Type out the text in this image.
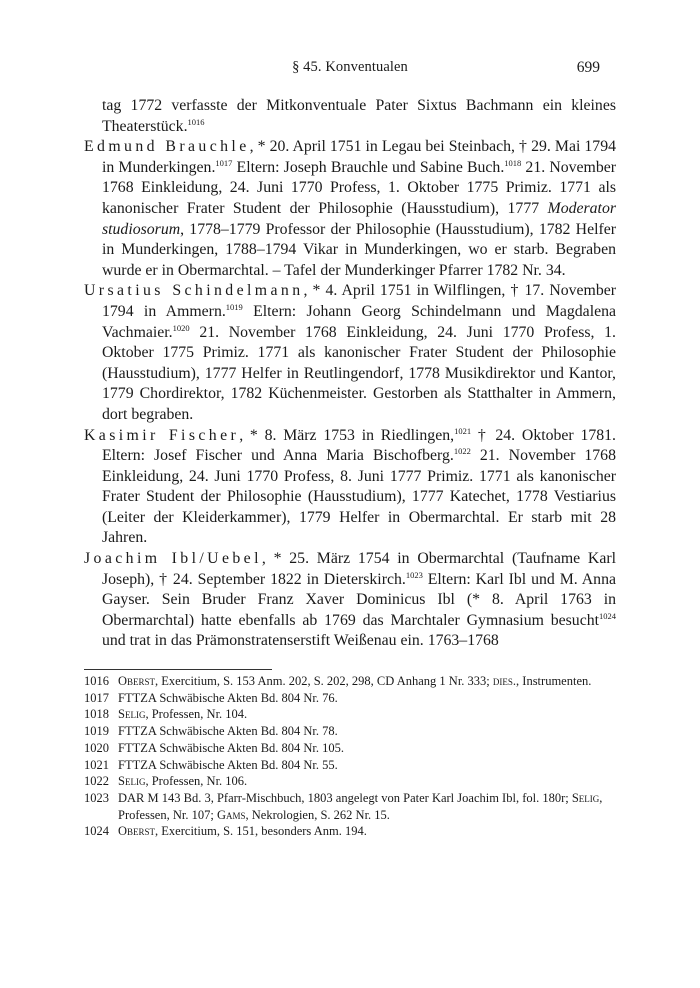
§ 45. Konventualen	699

tag 1772 verfasste der Mitkonventuale Pater Sixtus Bachmann ein kleines Theaterstück.$^{1016}$

Edmund Brauchle, * 20. April 1751 in Legau bei Steinbach, † 29. Mai 1794 in Munderkingen.$^{1017}$ Eltern: Joseph Brauchle und Sabine Buch.$^{1018}$ 21. November 1768 Einkleidung, 24. Juni 1770 Profess, 1. Oktober 1775 Primiz. 1771 als kanonischer Frater Student der Philosophie (Hausstudium), 1777 Moderator studiosorum, 1778–1779 Professor der Philosophie (Hausstudium), 1782 Helfer in Munderkingen, 1788–1794 Vikar in Munderkingen, wo er starb. Begraben wurde er in Obermarchtal. – Tafel der Munderkinger Pfarrer 1782 Nr. 34.

Ursatius Schindelmann, * 4. April 1751 in Wilflingen, † 17. November 1794 in Ammern.$^{1019}$ Eltern: Johann Georg Schindelmann und Magdalena Vachmaier.$^{1020}$ 21. November 1768 Einkleidung, 24. Juni 1770 Profess, 1. Oktober 1775 Primiz. 1771 als kanonischer Frater Student der Philosophie (Hausstudium), 1777 Helfer in Reutlingendorf, 1778 Musikdirektor und Kantor, 1779 Chordirektor, 1782 Küchenmeister. Gestorben als Statthalter in Ammern, dort begraben.

Kasimir Fischer, * 8. März 1753 in Riedlingen,$^{1021}$ † 24. Oktober 1781. Eltern: Josef Fischer und Anna Maria Bischofberg.$^{1022}$ 21. November 1768 Einkleidung, 24. Juni 1770 Profess, 8. Juni 1777 Primiz. 1771 als kanonischer Frater Student der Philosophie (Hausstudium), 1777 Katechet, 1778 Vestiarius (Leiter der Kleiderkammer), 1779 Helfer in Obermarchtal. Er starb mit 28 Jahren.

Joachim Ibl/Uebel, * 25. März 1754 in Obermarchtal (Taufname Karl Joseph), † 24. September 1822 in Dieterskirch.$^{1023}$ Eltern: Karl Ibl und M. Anna Gayser. Sein Bruder Franz Xaver Dominicus Ibl (* 8. April 1763 in Obermarchtal) hatte ebenfalls ab 1769 das Marchtaler Gymnasium besucht$^{1024}$ und trat in das Prämonstratenserstift Weißenau ein. 1763–1768

1016 Oberst, Exercitium, S. 153 Anm. 202, S. 202, 298, CD Anhang 1 Nr. 333; dies., Instrumenten.
1017 FTTZA Schwäbische Akten Bd. 804 Nr. 76.
1018 Selig, Professen, Nr. 104.
1019 FTTZA Schwäbische Akten Bd. 804 Nr. 78.
1020 FTTZA Schwäbische Akten Bd. 804 Nr. 105.
1021 FTTZA Schwäbische Akten Bd. 804 Nr. 55.
1022 Selig, Professen, Nr. 106.
1023 DAR M 143 Bd. 3, Pfarr-Mischbuch, 1803 angelegt von Pater Karl Joachim Ibl, fol. 180r; Selig, Professen, Nr. 107; Gams, Nekrologien, S. 262 Nr. 15.
1024 Oberst, Exercitium, S. 151, besonders Anm. 194.
